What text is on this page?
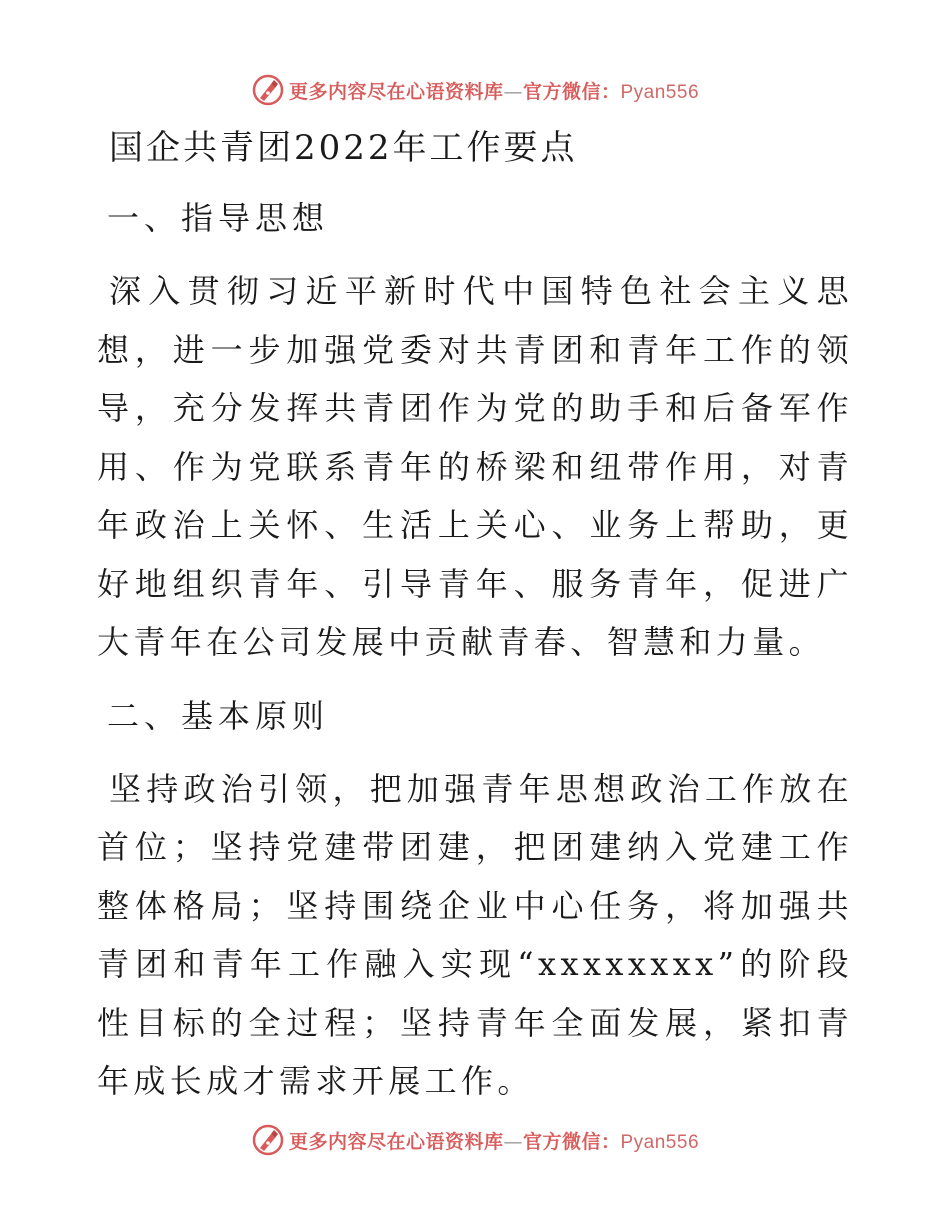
更多内容尽在心语资料库—官方微信：Pyan556
国企共青团2022年工作要点
一、指导思想

深入贯彻习近平新时代中国特色社会主义思想，进一步加强党委对共青团和青年工作的领导，充分发挥共青团作为党的助手和后备军作用、作为党联系青年的桥梁和纽带作用，对青年政治上关怀、生活上关心、业务上帮助，更好地组织青年、引导青年、服务青年，促进广大青年在公司发展中贡献青春、智慧和力量。

二、基本原则

坚持政治引领，把加强青年思想政治工作放在首位；坚持党建带团建，把团建纳入党建工作整体格局；坚持围绕企业中心任务，将加强共青团和青年工作融入实现“xxxxxxxx”的阶段性目标的全过程；坚持青年全面发展，紧扣青年成长成才需求开展工作。

更多内容尽在心语资料库—官方微信：Pyan556
